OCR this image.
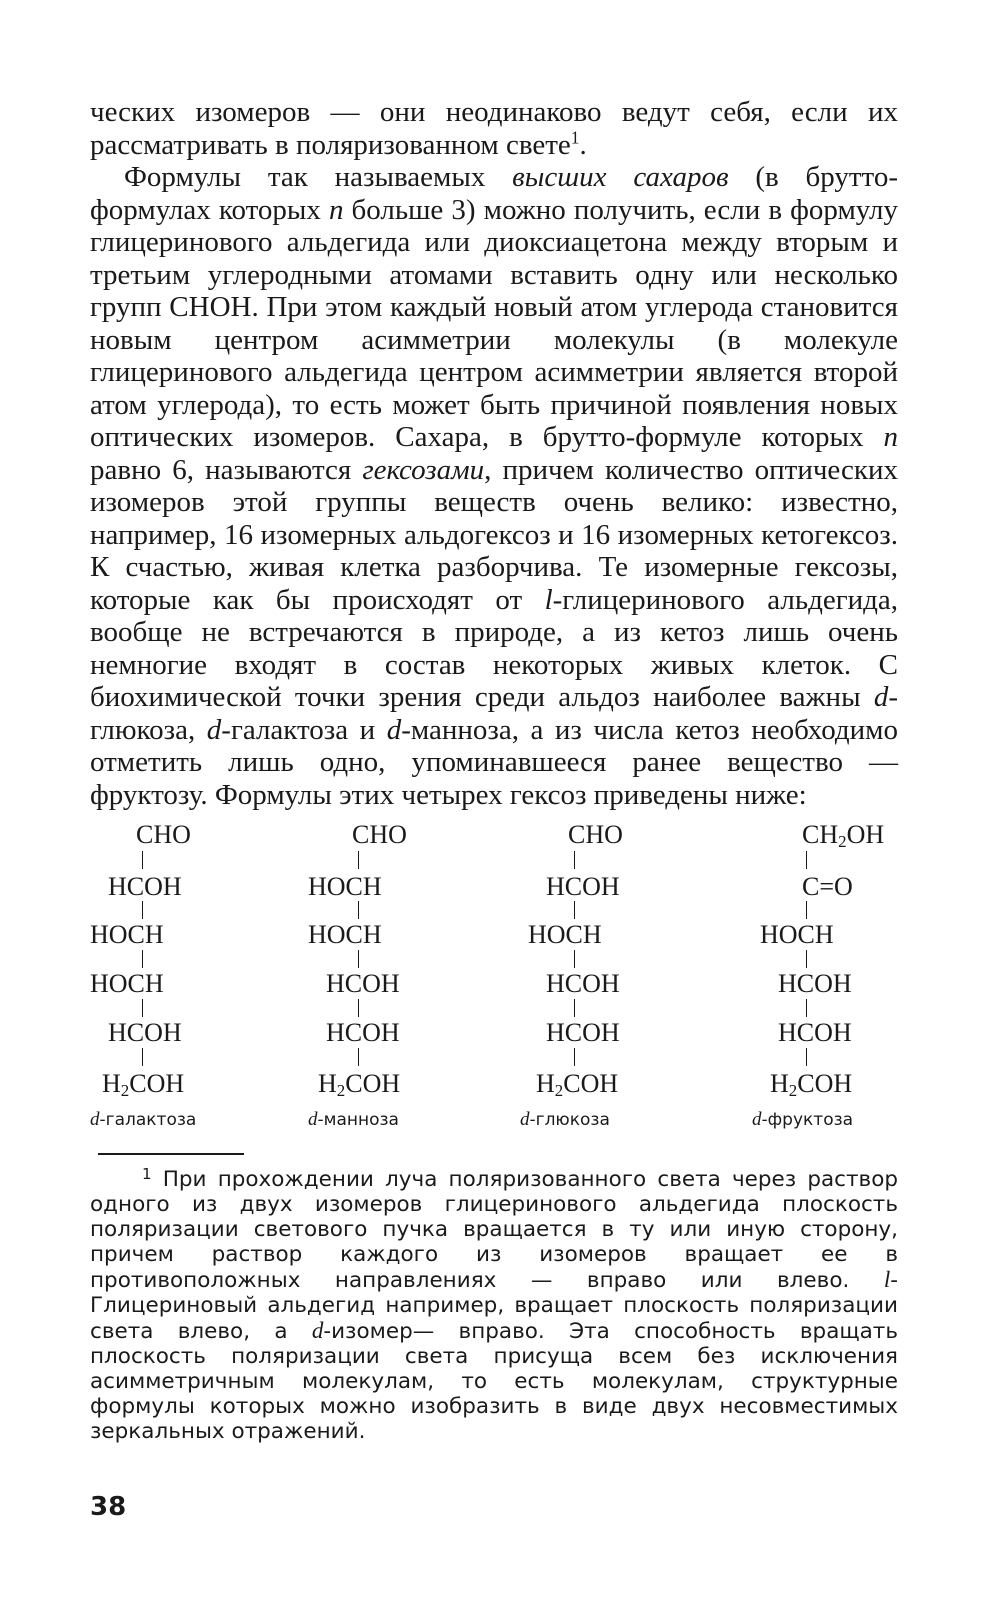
ческих изомеров — они неодинаково ведут себя, если их рассматривать в поляризованном свете$^1$.

Формулы так называемых высших сахаров (в брутто-формулах которых n больше 3) можно получить, если в формулу глицеринового альдегида или диоксиацетона между вторым и третьим углеродными атомами вставить одну или несколько групп СНОН. При этом каждый новый атом углерода становится новым центром асимметрии молекулы (в молекуле глицеринового альдегида центром асимметрии является второй атом углерода), то есть может быть причиной появления новых оптических изомеров. Сахара, в брутто-формуле которых n равно 6, называются гексозами, причем количество оптических изомеров этой группы веществ очень велико: известно, например, 16 изомерных альдогексоз и 16 изомерных кетогексоз. К счастью, живая клетка разборчива. Те изомерные гексозы, которые как бы происходят от l-глицеринового альдегида, вообще не встречаются в природе, а из кетоз лишь очень немногие входят в состав некоторых живых клеток. С биохимической точки зрения среди альдоз наиболее важны d-глюкоза, d-галактоза и d-манноза, а из числа кетоз необходимо отметить лишь одно, упоминавшееся ранее вещество — фруктозу. Формулы этих четырех гексоз приведены ниже:

CHO
HCOH
HOCH
HOCH
HCOH
$H_2COH$
d-галактоза
CHO
HOCH
HOCH
HCOH
HCOH
$H_2COH$
d-манноза
CHO
HCOH
HOCH
HCOH
HCOH
$H_2COH$
d-глюкоза
$CH_2OH$
C=O
HOCH
HCOH
HCOH
$H_2COH$
d-фруктоза

$^1$ При прохождении луча поляризованного света через раствор одного из двух изомеров глицеринового альдегида плоскость поляризации светового пучка вращается в ту или иную сторону, причем раствор каждого из изомеров вращает ее в противоположных направлениях — вправо или влево. l-Глицериновый альдегид например, вращает плоскость поляризации света влево, а d-изомер— вправо. Эта способность вращать плоскость поляризации света присуща всем без исключения асимметричным молекулам, то есть молекулам, структурные формулы которых можно изобразить в виде двух несовместимых зеркальных отражений.

38
